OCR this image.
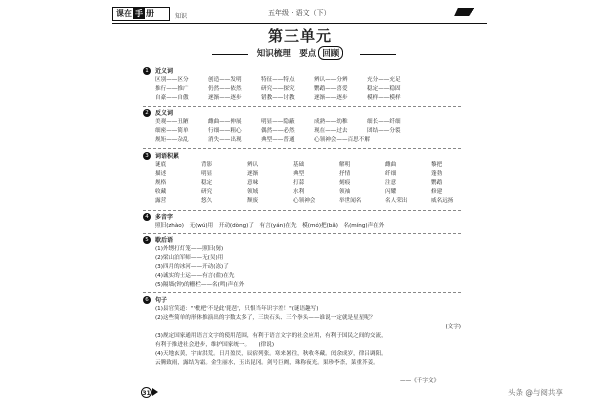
课在 手 册	知识	五年级 · 语文（下）
第三单元
知识梳理　要点 回顾
1	近义词
区别——区分	创造——发明	特征——特点	辨认——分辨	充分——充足
推行——推广	仍然——依然	研究——探究	鹦鹉——喜爱	稳定——稳固
自豪——自傲	逐渐——逐步	错教——讨教	逐渐——逐步	模样——模样
2	反义词
美观——丑陋	雌曲——伸展	明显——隐蔽	成熟——幼稚	细长——纤细
细密——简单	行细——粗心	偶然——必然	现在——过去	团结——分裂
规矩——杂乱	消失——出现	典型——普通	心领神会——百思不解
3	词语积累
谜底	背影	辨认	基础	解明	雌曲	黎把
描述	明显	逐渐	典型	抒情	纤细	蓬勃
规格	稳定	意味	打蒜	刻痕	注意	鹦鹉
收藏	研究	领域	水利	领袖	闪耀	修建
露营	悠久	颓废	心领神会	举世闻名	名人荣出	威名远扬
4	多音字
照旧(zhào)　无(wú)用　开动(dòng)了　有言(yán)在先　模(mó)把(bǎ)　名(míng)声在外
5	歇后语
(1)外甥打灯笼——照旧(舅)
(2)梁山泊军师——无(吴)用
(3)四月的冰河——开动(冻)了
(4)诚实的士运——有言(盐)在先
(5)隔墙(钟)的栅栏——名(鸣)声在外
6	句子
(1)县官笑道："'枇杷'不是此'琵琶'，只恨当年识字差！"(谜语趣写)
(2)这些简单的形体推演出的字数太多了，三块石头、三个拳头——谁说一定就是星星呢？
(文字)
(3)规定国家通用语言文字的使用范围，有利于语言文字的社会应用，有利于国民之间的交流，
有利于推进社会进步，维护国家统一。　　(律说)
(4)天地玄黄，宇宙洪荒。日月盈昃，辰宿列张。寒来暑往，秋收冬藏。闰余成岁，律吕调阳。
云腾致雨，露结为霜。金生丽水，玉出昆冈。剑号巨阙，珠称夜光。果珍李柰，菜重芥姜。
——《千字文》
31	头条 @与阅共享
